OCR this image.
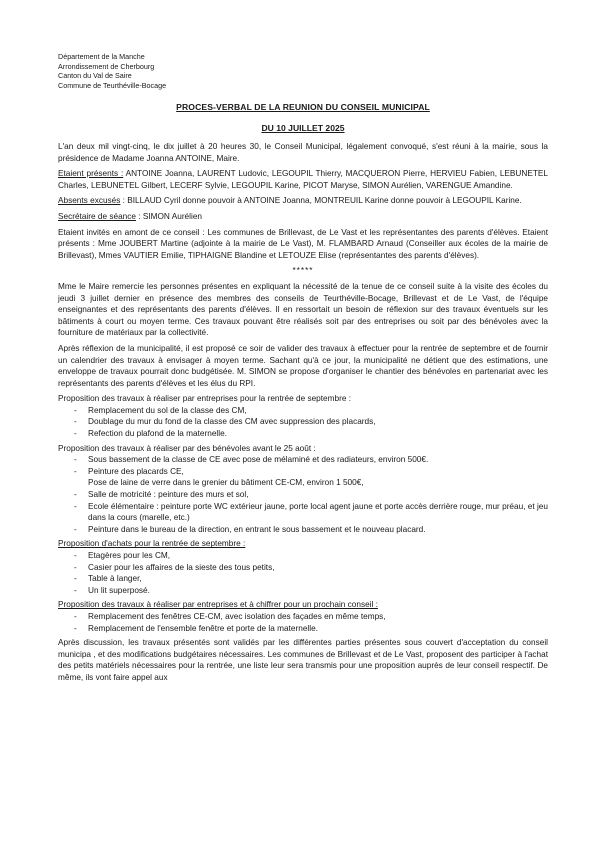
Département de la Manche
Arrondissement de Cherbourg
Canton du Val de Saire
Commune de Teurthéville-Bocage
PROCES-VERBAL DE LA REUNION DU CONSEIL MUNICIPAL
DU 10 JUILLET 2025

L'an deux mil vingt-cinq, le dix juillet à 20 heures 30, le Conseil Municipal, légalement convoqué, s'est réuni à la mairie, sous la présidence de Madame Joanna ANTOINE, Maire.

Etaient présents : ANTOINE Joanna, LAURENT Ludovic, LEGOUPIL Thierry, MACQUERON Pierre, HERVIEU Fabien, LEBUNETEL Charles, LEBUNETEL Gilbert, LECERF Sylvie, LEGOUPIL Karine, PICOT Maryse, SIMON Aurélien, VARENGUE Amandine.

Absents excusés : BILLAUD Cyril donne pouvoir à ANTOINE Joanna, MONTREUIL Karine donne pouvoir à LEGOUPIL Karine.

Secrétaire de séance : SIMON Aurélien

Etaient invités en amont de ce conseil : Les communes de Brillevast, de Le Vast et les représentantes des parents d'élèves. Etaient présents : Mme JOUBERT Martine (adjointe à la mairie de Le Vast), M. FLAMBARD Arnaud (Conseiller aux écoles de la mairie de Brillevast), Mmes VAUTIER Emilie, TIPHAIGNE Blandine et LETOUZE Elise (représentantes des parents d'élèves).

*****

Mme le Maire remercie les personnes présentes en expliquant la nécessité de la tenue de ce conseil suite à la visite des écoles du jeudi 3 juillet dernier en présence des membres des conseils de Teurthéville-Bocage, Brillevast et de Le Vast, de l'équipe enseignantes et des représentants des parents d'élèves. Il en ressortait un besoin de réflexion sur des travaux éventuels sur les bâtiments à court ou moyen terme. Ces travaux pouvant être réalisés soit par des entreprises ou soit par des bénévoles avec la fourniture de matériaux par la collectivité.

Après réflexion de la municipalité, il est proposé ce soir de valider des travaux à effectuer pour la rentrée de septembre et de fournir un calendrier des travaux à envisager à moyen terme. Sachant qu'à ce jour, la municipalité ne détient que des estimations, une enveloppe de travaux pourrait donc budgétisée. M. SIMON se propose d'organiser le chantier des bénévoles en partenariat avec les représentants des parents d'élèves et les élus du RPI.

Proposition des travaux à réaliser par entreprises pour la rentrée de septembre :
- Remplacement du sol de la classe des CM,
- Doublage du mur du fond de la classe des CM avec suppression des placards,
- Refection du plafond de la maternelle.
Proposition des travaux à réaliser par des bénévoles avant le 25 août :
- Sous bassement de la classe de CE avec pose de mélaminé et des radiateurs, environ 500€.
- Peinture des placards CE,
Pose de laine de verre dans le grenier du bâtiment CE-CM, environ 1 500€,
- Salle de motricité : peinture des murs et sol,
- Ecole élémentaire : peinture porte WC extérieur jaune, porte local agent jaune et porte accès derrière rouge, mur préau, et jeu dans la cours (marelle, etc.)
- Peinture dans le bureau de la direction, en entrant le sous bassement et le nouveau placard.
Proposition d'achats pour la rentrée de septembre :
- Etagères pour les CM,
- Casier pour les affaires de la sieste des tous petits,
- Table à langer,
- Un lit superposé.
Proposition des travaux à réaliser par entreprises et à chiffrer pour un prochain conseil :
- Remplacement des fenêtres CE-CM, avec isolation des façades en même temps,
- Remplacement de l'ensemble fenêtre et porte de la maternelle.

Après discussion, les travaux présentés sont validés par les différentes parties présentes sous couvert d'acceptation du conseil municipa , et des modifications budgétaires nécessaires. Les communes de Brillevast et de Le Vast, proposent des participer à l'achat des petits matériels nécessaires pour la rentrée, une liste leur sera transmis pour une proposition auprès de leur conseil respectif. De même, ils vont faire appel aux
